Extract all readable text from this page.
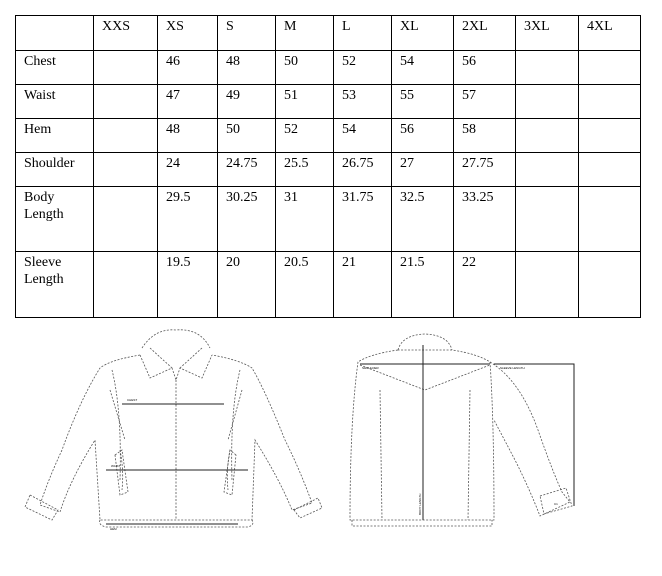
	XXS	XS	S	M	L	XL	2XL	3XL	4XL
Chest		46	48	50	52	54	56		
Waist		47	49	51	53	55	57		
Hem		48	50	52	54	56	58		
Shoulder		24	24.75	25.5	26.75	27	27.75		
Body
Length		29.5	30.25	31	31.75	32.5	33.25		
Sleeve
Length		19.5	20	20.5	21	21.5	22		
CHEST
WAIST
HEM
SHOULDER	SLEEVE LENGTH
BODY LENGTH	C1
